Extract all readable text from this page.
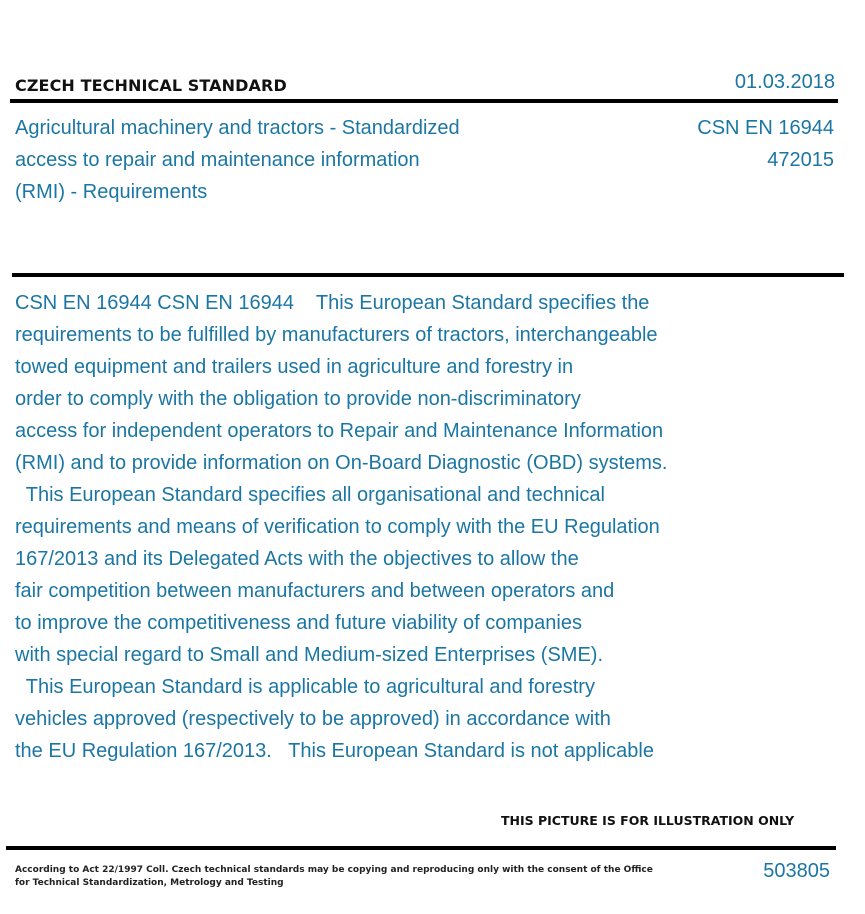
CZECH TECHNICAL STANDARD	01.03.2018
Agricultural machinery and tractors - Standardized
access to repair and maintenance information
(RMI) - Requirements
CSN EN 16944
472015
CSN EN 16944 CSN EN 16944    This European Standard specifies the
requirements to be fulfilled by manufacturers of tractors, interchangeable
towed equipment and trailers used in agriculture and forestry in
order to comply with the obligation to provide non-discriminatory
access for independent operators to Repair and Maintenance Information
(RMI) and to provide information on On-Board Diagnostic (OBD) systems.
This European Standard specifies all organisational and technical
requirements and means of verification to comply with the EU Regulation
167/2013 and its Delegated Acts with the objectives to allow the
fair competition between manufacturers and between operators and
to improve the competitiveness and future viability of companies
with special regard to Small and Medium-sized Enterprises (SME).
This European Standard is applicable to agricultural and forestry
vehicles approved (respectively to be approved) in accordance with
the EU Regulation 167/2013.   This European Standard is not applicable
THIS PICTURE IS FOR ILLUSTRATION ONLY
According to Act 22/1997 Coll. Czech technical standards may be copying and reproducing only with the consent of the Office
for Technical Standardization, Metrology and Testing
503805
